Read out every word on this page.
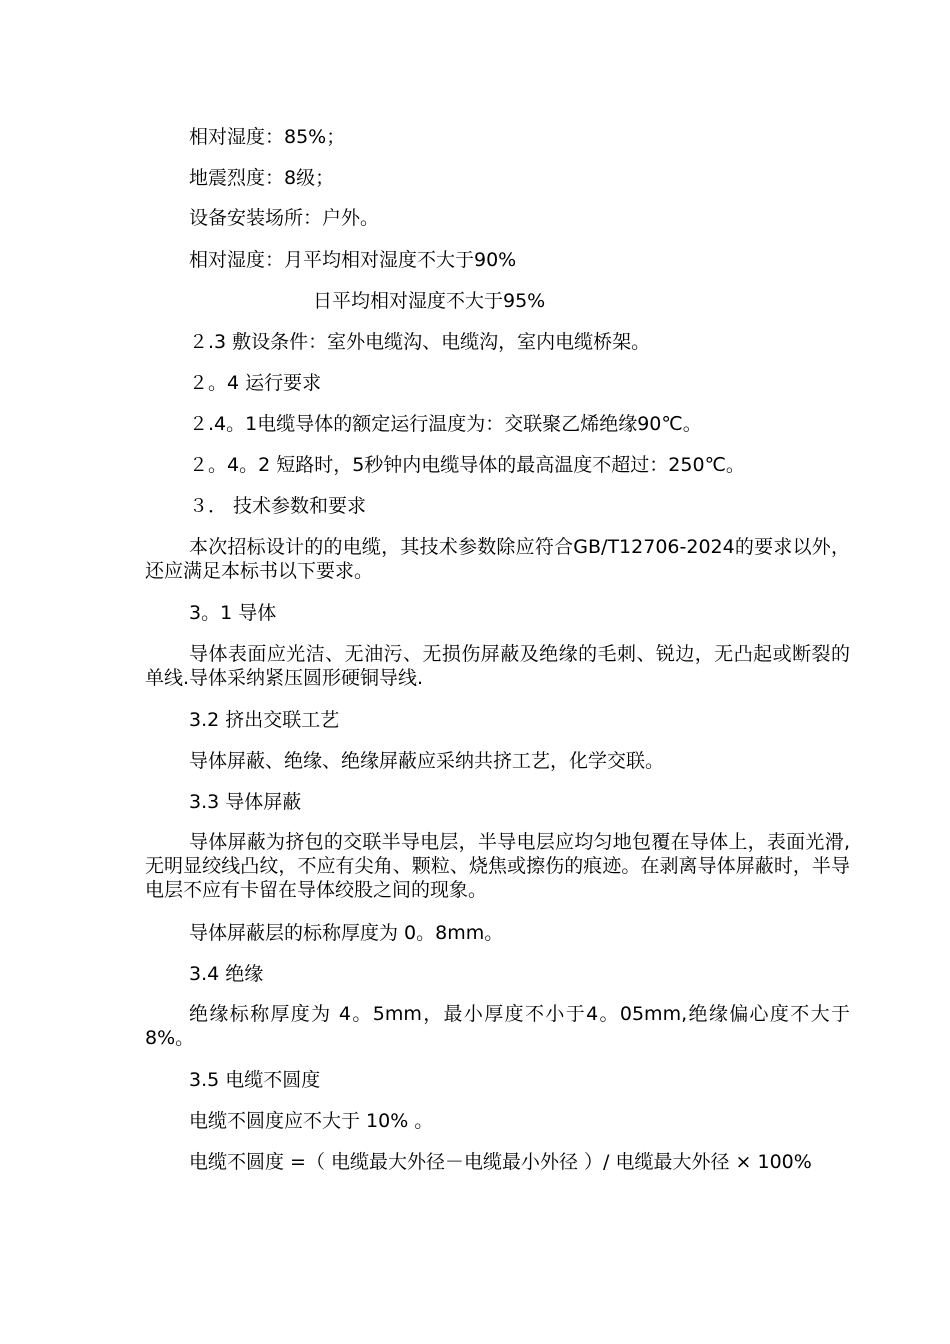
相对湿度：85%；

地震烈度：8级；

设备安装场所：户外。

相对湿度：月平均相对湿度不大于90%

日平均相对湿度不大于95%

２.3 敷设条件：室外电缆沟、电缆沟，室内电缆桥架。

２。4 运行要求

２.4。1电缆导体的额定运行温度为：交联聚乙烯绝缘90℃。

２。4。2 短路时，5秒钟内电缆导体的最高温度不超过：250℃。

３． 技术参数和要求

本次招标设计的的电缆，其技术参数除应符合GB/T12706-2024的要求以外，还应满足本标书以下要求。

3。1 导体

导体表面应光洁、无油污、无损伤屏蔽及绝缘的毛刺、锐边，无凸起或断裂的单线.导体采纳紧压圆形硬铜导线.

3.2 挤出交联工艺

导体屏蔽、绝缘、绝缘屏蔽应采纳共挤工艺，化学交联。

3.3 导体屏蔽

导体屏蔽为挤包的交联半导电层，半导电层应均匀地包覆在导体上，表面光滑,无明显绞线凸纹，不应有尖角、颗粒、烧焦或擦伤的痕迹。在剥离导体屏蔽时，半导电层不应有卡留在导体绞股之间的现象。

导体屏蔽层的标称厚度为 0。8mm。

3.4 绝缘

绝缘标称厚度为 4。5mm，最小厚度不小于4。05mm,绝缘偏心度不大于8%。

3.5 电缆不圆度

电缆不圆度应不大于 10% 。

电缆不圆度 =（ 电缆最大外径－电缆最小外径 ）/ 电缆最大外径 × 100%
